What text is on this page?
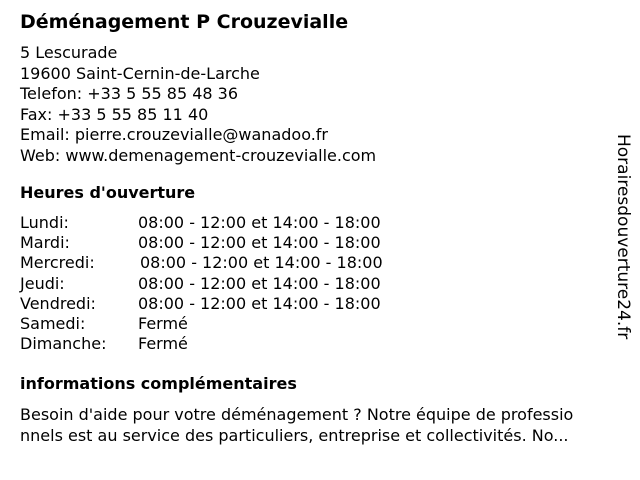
Déménagement P Crouzevialle
5 Lescurade
19600 Saint-Cernin-de-Larche
Telefon: +33 5 55 85 48 36
Fax: +33 5 55 85 11 40
Email: pierre.crouzevialle@wanadoo.fr
Web: www.demenagement-crouzevialle.com
Heures d'ouverture
Lundi:	08:00 - 12:00 et 14:00 - 18:00
Mardi:	08:00 - 12:00 et 14:00 - 18:00
Mercredi:	08:00 - 12:00 et 14:00 - 18:00
Jeudi:	08:00 - 12:00 et 14:00 - 18:00
Vendredi:	08:00 - 12:00 et 14:00 - 18:00
Samedi:	Fermé
Dimanche: Fermé
informations complémentaires
Besoin d'aide pour votre déménagement ? Notre équipe de professio
nnels est au service des particuliers, entreprise et collectivités. No...
Horairesdouverture24.fr
